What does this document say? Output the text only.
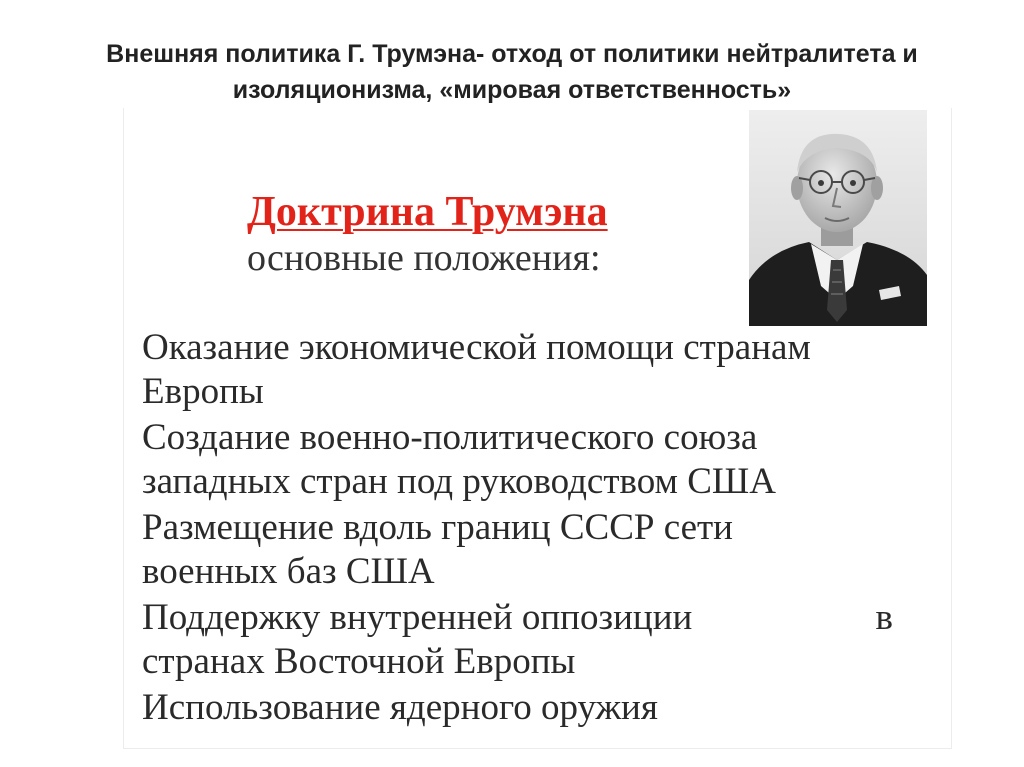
Внешняя политика Г. Трумэна- отход от политики нейтралитета и
изоляционизма, «мировая ответственность»
Доктрина Трумэна
основные положения:
Оказание экономической помощи странам
Европы
Создание военно-политического союза
западных стран под руководством США
Размещение вдоль границ СССР сети
военных баз США
Поддержку внутренней оппозиции	в
странах Восточной Европы
Использование ядерного оружия
